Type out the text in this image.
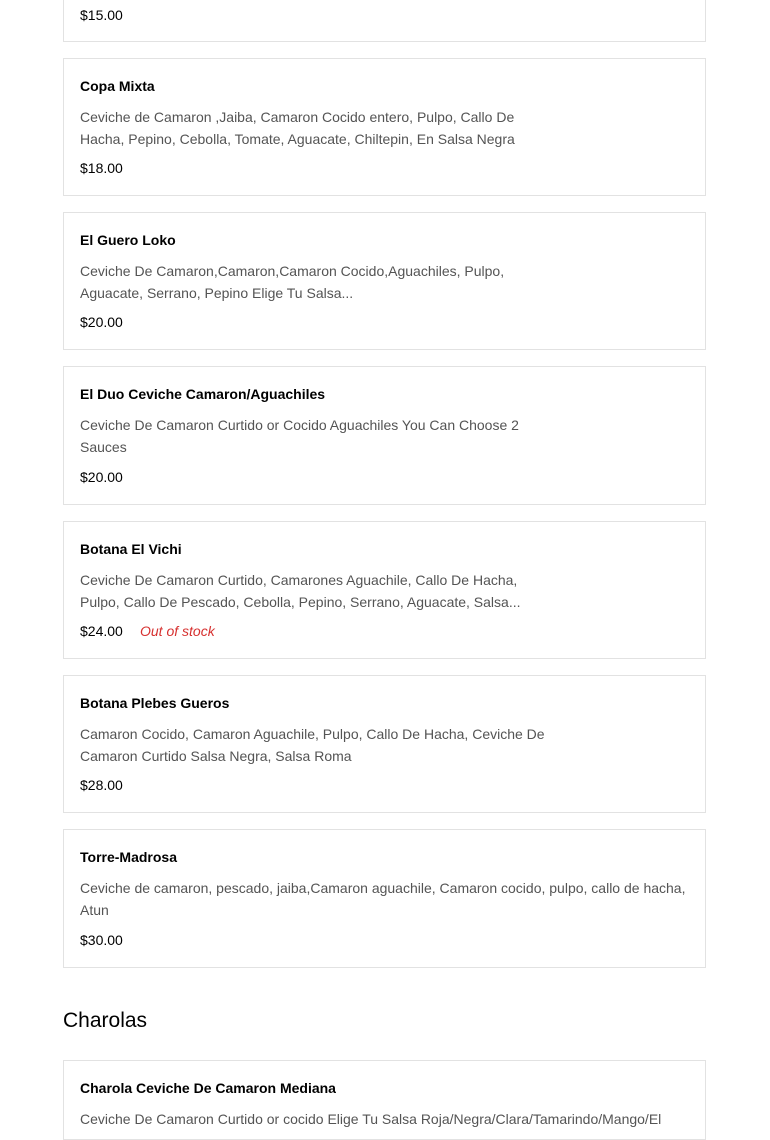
$15.00
Copa Mixta
Ceviche de Camaron ,Jaiba, Camaron Cocido entero, Pulpo, Callo De Hacha, Pepino, Cebolla, Tomate, Aguacate, Chiltepin, En Salsa Negra
$18.00
El Guero Loko
Ceviche De Camaron,Camaron,Camaron Cocido,Aguachiles, Pulpo, Aguacate, Serrano, Pepino Elige Tu Salsa...
$20.00
El Duo Ceviche Camaron/Aguachiles
Ceviche De Camaron Curtido or Cocido Aguachiles You Can Choose 2 Sauces
$20.00
Botana El Vichi
Ceviche De Camaron Curtido, Camarones Aguachile, Callo De Hacha, Pulpo, Callo De Pescado, Cebolla, Pepino, Serrano, Aguacate, Salsa...
$24.00 Out of stock
Botana Plebes Gueros
Camaron Cocido, Camaron Aguachile, Pulpo, Callo De Hacha, Ceviche De Camaron Curtido Salsa Negra, Salsa Roma
$28.00
Torre-Madrosa
Ceviche de camaron, pescado, jaiba,Camaron aguachile, Camaron cocido, pulpo, callo de hacha, Atun
$30.00
Charolas
Charola Ceviche De Camaron Mediana
Ceviche De Camaron Curtido or cocido Elige Tu Salsa Roja/Negra/Clara/Tamarindo/Mango/El
